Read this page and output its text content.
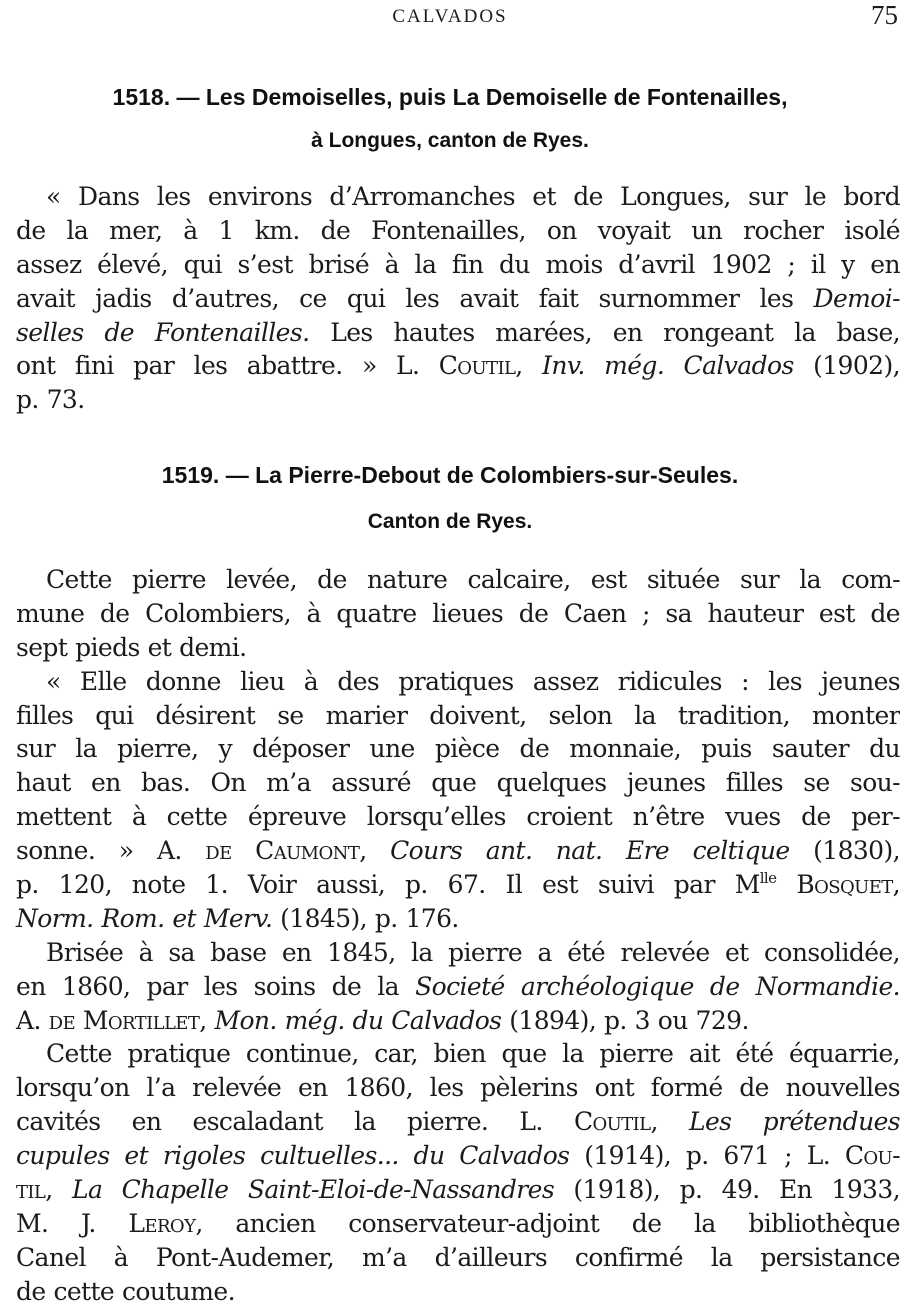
CALVADOS	75
1518. — Les Demoiselles, puis La Demoiselle de Fontenailles,
à Longues, canton de Ryes.
« Dans les environs d’Arromanches et de Longues, sur le bord
de la mer, à 1 km. de Fontenailles, on voyait un rocher isolé
assez élevé, qui s’est brisé à la fin du mois d’avril 1902 ; il y en
avait jadis d’autres, ce qui les avait fait surnommer les Demoi-
selles de Fontenailles. Les hautes marées, en rongeant la base,
ont fini par les abattre. » L. Coutil, Inv. még. Calvados (1902),
p. 73.
1519. — La Pierre-Debout de Colombiers-sur-Seules.
Canton de Ryes.
Cette pierre levée, de nature calcaire, est située sur la com-
mune de Colombiers, à quatre lieues de Caen ; sa hauteur est de
sept pieds et demi.
« Elle donne lieu à des pratiques assez ridicules : les jeunes
filles qui désirent se marier doivent, selon la tradition, monter
sur la pierre, y déposer une pièce de monnaie, puis sauter du
haut en bas. On m’a assuré que quelques jeunes filles se sou-
mettent à cette épreuve lorsqu’elles croient n’être vues de per-
sonne. » A. de Caumont, Cours ant. nat. Ere celtique (1830),
p. 120, note 1. Voir aussi, p. 67. Il est suivi par $M^{lle}$ Bosquet,
Norm. Rom. et Merv. (1845), p. 176.
Brisée à sa base en 1845, la pierre a été relevée et consolidée,
en 1860, par les soins de la Societé archéologique de Normandie.
A. de Mortillet, Mon. még. du Calvados (1894), p. 3 ou 729.
Cette pratique continue, car, bien que la pierre ait été équarrie,
lorsqu’on l’a relevée en 1860, les pèlerins ont formé de nouvelles
cavités en escaladant la pierre. L. Coutil, Les prétendues
cupules et rigoles cultuelles... du Calvados (1914), p. 671 ; L. Cou-
til, La Chapelle Saint-Eloi-de-Nassandres (1918), p. 49. En 1933,
M. J. Leroy, ancien conservateur-adjoint de la bibliothèque
Canel à Pont-Audemer, m’a d’ailleurs confirmé la persistance
de cette coutume.
